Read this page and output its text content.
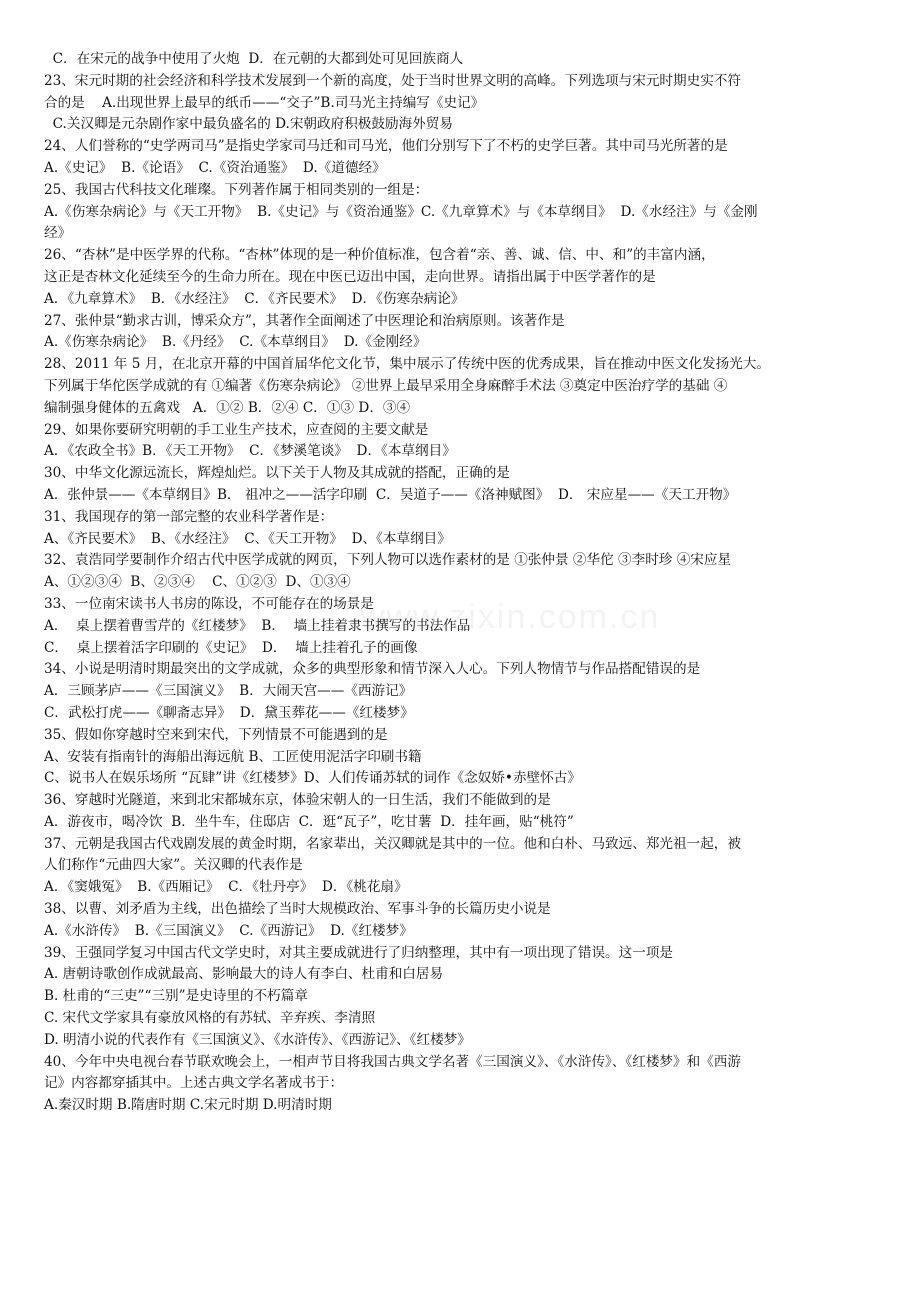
www.zixin.com.cn
C．在宋元的战争中使用了火炮  D．在元朝的大都到处可见回族商人
23、宋元时期的社会经济和科学技术发展到一个新的高度，处于当时世界文明的高峰。下列选项与宋元时期史实不符
合的是    A.出现世界上最早的纸币——“交子”B.司马光主持编写《史记》
C.关汉卿是元杂剧作家中最负盛名的 D.宋朝政府积极鼓励海外贸易
24、人们誉称的“史学两司马”是指史学家司马迁和司马光，他们分别写下了不朽的史学巨著。其中司马光所著的是
A.《史记》  B.《论语》  C.《资治通鉴》  D.《道德经》
25、我国古代科技文化璀璨。下列著作属于相同类别的一组是：
A.《伤寒杂病论》与《天工开物》  B.《史记》与《资治通鉴》C.《九章算术》与《本草纲目》  D.《水经注》与《金刚
经》
26、“杏林”是中医学界的代称。“杏林”体现的是一种价值标准，包含着“亲、善、诚、信、中、和”的丰富内涵，
这正是杏林文化延续至今的生命力所在。现在中医已迈出中国，走向世界。请指出属于中医学著作的是
A．《九章算术》  B．《水经注》  C．《齐民要术》  D．《伤寒杂病论》
27、张仲景“勤求古训，博采众方”，其著作全面阐述了中医理论和治病原则。该著作是
A.《伤寒杂病论》  B.《丹经》  C.《本草纲目》  D.《金刚经》
28、2011 年 5 月，在北京开幕的中国首届华佗文化节，集中展示了传统中医的优秀成果，旨在推动中医文化发扬光大。
下列属于华佗医学成就的有 ①编著《伤寒杂病论》 ②世界上最早采用全身麻醉手术法 ③奠定中医治疗学的基础 ④
编制强身健体的五禽戏   A．①② B．②④ C．①③ D．③④
29、如果你要研究明朝的手工业生产技术，应查阅的主要文献是
A．《农政全书》B．《天工开物》  C．《梦溪笔谈》  D．《本草纲目》
30、中华文化源远流长，辉煌灿烂。以下关于人物及其成就的搭配，正确的是
A．张仲景——《本草纲目》B． 祖冲之——活字印刷  C．吴道子——《洛神赋图》  D． 宋应星——《天工开物》
31、我国现存的第一部完整的农业科学著作是：
A、《齐民要术》  B、《水经注》  C、《天工开物》  D、《本草纲目》
32、袁浩同学要制作介绍古代中医学成就的网页，下列人物可以选作素材的是 ①张仲景 ②华佗 ③李时珍 ④宋应星
A、①②③④  B、②③④    C、①②③  D、①③④
33、一位南宋读书人书房的陈设，不可能存在的场景是
A．  桌上摆着曹雪芹的《红楼梦》  B．  墙上挂着隶书撰写的书法作品
C．  桌上摆着活字印刷的《史记》  D．  墙上挂着孔子的画像
34、小说是明清时期最突出的文学成就，众多的典型形象和情节深入人心。下列人物情节与作品搭配错误的是
A．三顾茅庐——《三国演义》  B．大闹天宫——《西游记》
C．武松打虎——《聊斋志异》  D．黛玉葬花——《红楼梦》
35、假如你穿越时空来到宋代，下列情景不可能遇到的是
A、安装有指南针的海船出海远航 B、工匠使用泥活字印刷书籍
C、说书人在娱乐场所 “瓦肆”讲《红楼梦》D、人们传诵苏轼的词作《念奴娇•赤壁怀古》
36、穿越时光隧道，来到北宋都城东京，体验宋朝人的一日生活，我们不能做到的是
A．游夜市，喝冷饮  B．坐牛车，住邸店  C．逛“瓦子”，吃甘薯  D．挂年画，贴“桃符”
37、元朝是我国古代戏剧发展的黄金时期，名家辈出，关汉卿就是其中的一位。他和白朴、马致远、郑光祖一起，被
人们称作“元曲四大家”。关汉卿的代表作是
A．《窦娥冤》  B.《西厢记》  C．《牡丹亭》  D．《桃花扇》
38、以曹、刘矛盾为主线，出色描绘了当时大规模政治、军事斗争的长篇历史小说是
A.《水浒传》  B.《三国演义》  C.《西游记》  D.《红楼梦》
39、王强同学复习中国古代文学史时，对其主要成就进行了归纳整理，其中有一项出现了错误。这一项是
A. 唐朝诗歌创作成就最高、影响最大的诗人有李白、杜甫和白居易
B. 杜甫的“三吏”“三别”是史诗里的不朽篇章
C. 宋代文学家具有豪放风格的有苏轼、辛弃疾、李清照
D. 明清小说的代表作有《三国演义》、《水浒传》、《西游记》、《红楼梦》
40、今年中央电视台春节联欢晚会上，一相声节目将我国古典文学名著《三国演义》、《水浒传》、《红楼梦》和《西游
记》内容都穿插其中。上述古典文学名著成书于：
A.秦汉时期 B.隋唐时期 C.宋元时期 D.明清时期
